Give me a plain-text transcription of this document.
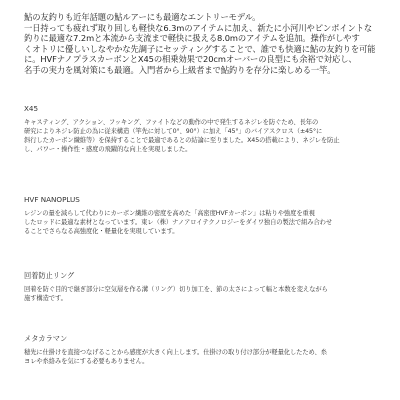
鮎の友釣りも近年話題の鮎ルアーにも最適なエントリーモデル。
一日持っても疲れず取り回しも軽快な6.3mのアイテムに加え、新たに小河川やピンポイントな
釣りに最適な7.2mと本流から支流まで軽快に扱える8.0mのアイテムを追加。操作がしやす
くオトリに優しいしなやかな先調子にセッティングすることで、誰でも快適に鮎の友釣りを可能
に。HVFナノプラスカーボンとX45の相乗効果で20cmオーバーの良型にも余裕で対応し、
名手の実力を風対策にも最適。入門者から上級者まで鮎釣りを存分に楽しめる一竿。

X45

キャスティング、アクション、フッキング、ファイトなどの動作の中で発生するネジレを防ぐため、長年の
研究によりネジレ防止の為に従来構造（竿先に対して0°、90°）に加え「45°」のバイアスクロス（±45°に
斜行したカーボン繊維等）を保持することで最適であるとの結論に至りました。X45の搭載により、ネジレを防止
し、パワー・操作性・感度の飛躍的な向上を実現しました。

HVF NANOPLUS

レジンの量を減らして代わりにカーボン繊維の密度を高めた「高密度HVFカーボン」は粘りや強度を重視
したロッドに最適な素材となっています。東レ（株）ナノアロイテクノロジーをダイワ独自の製法で組み合わせ
ることでさらなる高強度化・軽量化を実現しています。

回着防止リング

回着を防ぐ目的で継ぎ部分に空気層を作る溝（リング）切り加工を、節の太さによって幅と本数を変えながら
施す構造です。

メタカラマン

穂先に仕掛けを直接つなげることから感度が大きく向上します。仕掛けの取り付け部分が軽量化したため、糸
ヨレや糸絡みを気にする必要もありません。
